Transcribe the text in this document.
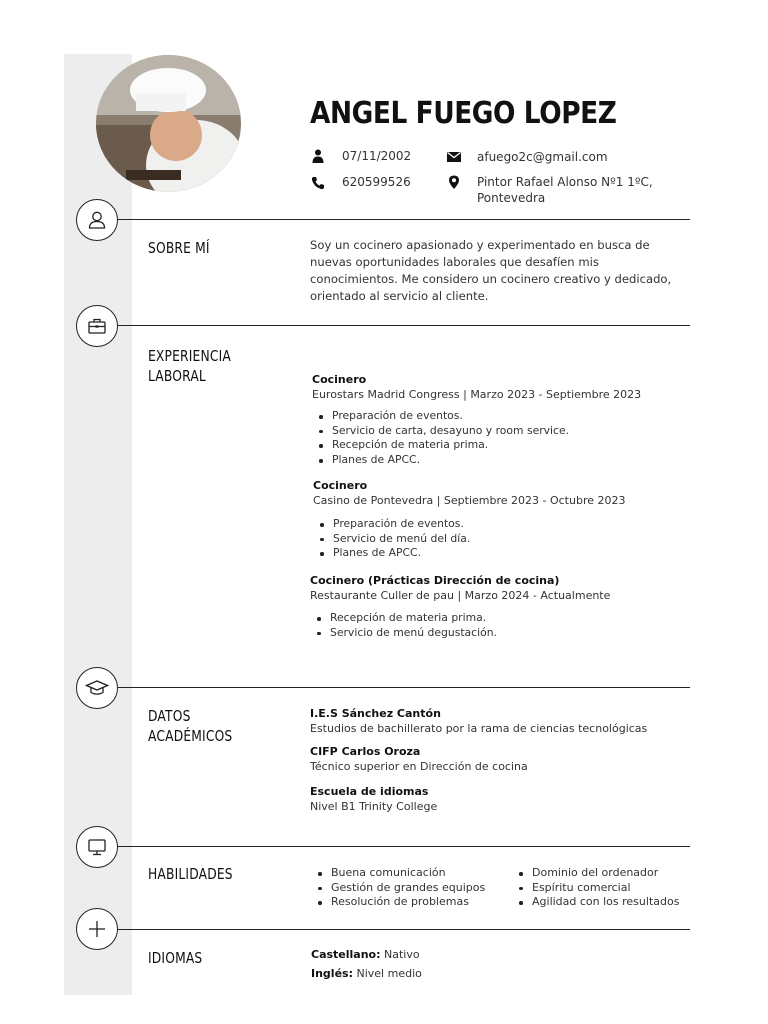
ANGEL FUEGO LOPEZ
07/11/2002	afuego2c@gmail.com
620599526	Pintor Rafael Alonso Nº1 1ºC,
Pontevedra
SOBRE MÍ
EXPERIENCIA
LABORAL
DATOS
ACADÉMICOS
HABILIDADES
IDIOMAS
Soy un cocinero apasionado y experimentado en busca de nuevas oportunidades laborales que desafíen mis conocimientos. Me considero un cocinero creativo y dedicado, orientado al servicio al cliente.
Cocinero
Eurostars Madrid Congress | Marzo 2023 - Septiembre 2023
Preparación de eventos.
Servicio de carta, desayuno y room service.
Recepción de materia prima.
Planes de APCC.
Cocinero
Casino de Pontevedra | Septiembre 2023 - Octubre 2023
Preparación de eventos.
Servicio de menú del día.
Planes de APCC.
Cocinero (Prácticas Dirección de cocina)
Restaurante Culler de pau | Marzo 2024 - Actualmente
Recepción de materia prima.
Servicio de menú degustación.
I.E.S Sánchez Cantón
Estudios de bachillerato por la rama de ciencias tecnológicas
CIFP Carlos Oroza
Técnico superior en Dirección de cocina
Escuela de idiomas
Nivel B1 Trinity College
Buena comunicación
Gestión de grandes equipos
Resolución de problemas
Dominio del ordenador
Espíritu comercial
Agilidad con los resultados
Castellano: Nativo
Inglés: Nivel medio
